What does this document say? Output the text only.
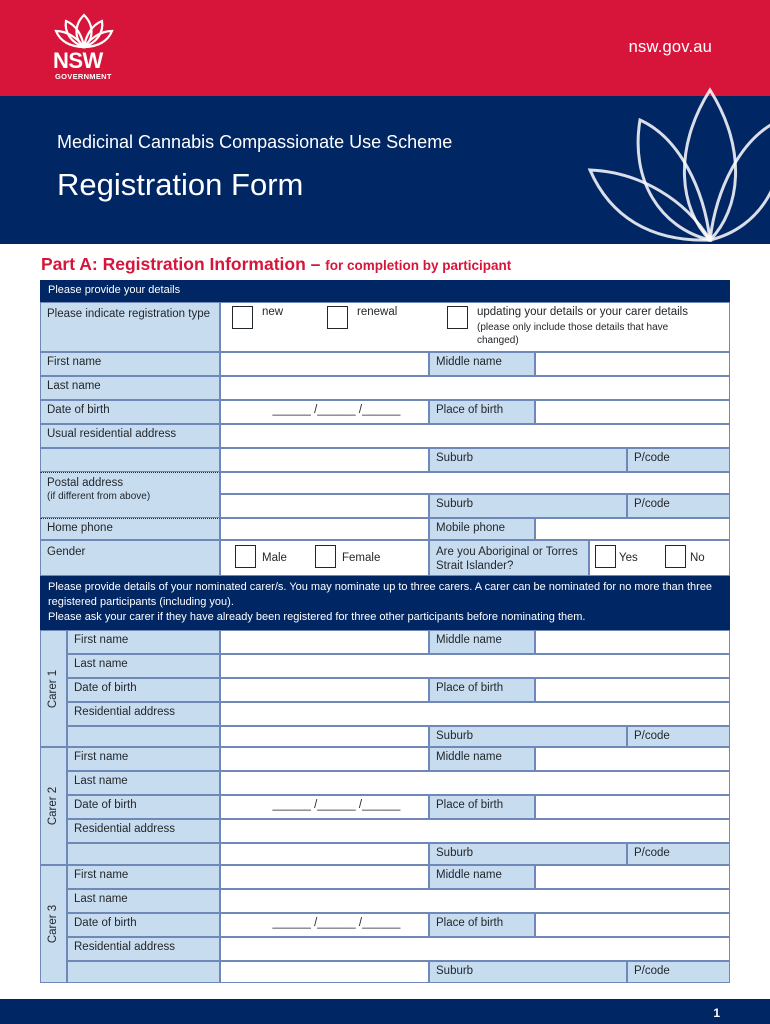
NSW
GOVERNMENT
nsw.gov.au
Medicinal Cannabis Compassionate Use Scheme
Registration Form
Part A: Registration Information – for completion by participant
Please provide your details
Please indicate registration type	new	renewal	updating your details or your carer details
(please only include those details that have changed)
First name	Middle name
Last name
Date of birth	______ /______ /______	Place of birth
Usual residential address
Suburb	P/code
Postal address
(if different from above)
Suburb	P/code
Home phone	Mobile phone
Gender	Male	Female	Are you Aboriginal or Torres Strait Islander?
Yes	No
Please provide details of your nominated carer/s. You may nominate up to three carers. A carer can be nominated for no more than three registered participants (including you).
Please ask your carer if they have already been registered for three other participants before nominating them.
Carer 1
First name	Middle name
Last name
Date of birth	Place of birth
Residential address
Suburb	P/code
Carer 2
First name	Middle name
Last name
Date of birth	______ /______ /______	Place of birth
Residential address
Suburb	P/code
Carer 3
First name	Middle name
Last name
Date of birth	______ /______ /______	Place of birth
Residential address
Suburb	P/code
1
